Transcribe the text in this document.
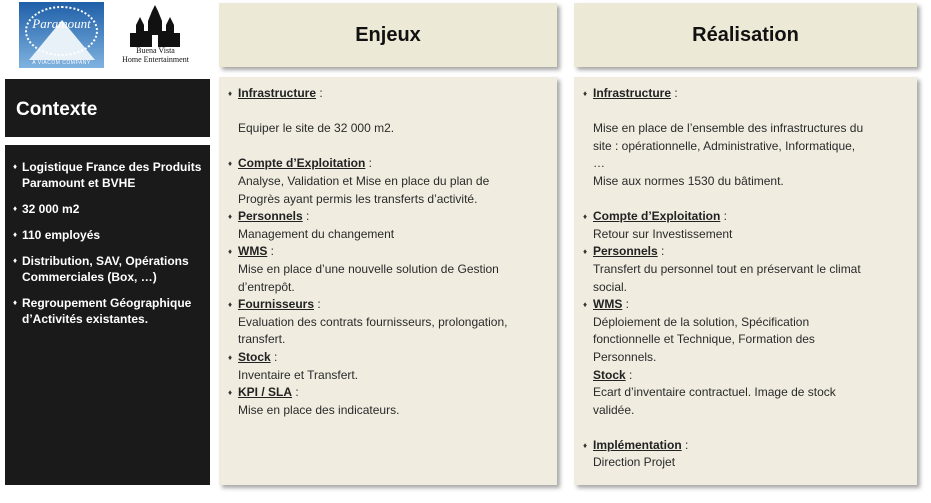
Paramount
A VIACOM COMPANY
Buena Vista
Home Entertainment
Enjeux	Réalisation
Contexte
♦ Logistique France des Produits Paramount et BVHE
♦ 32 000 m2
♦ 110 employés
♦ Distribution, SAV, Opérations Commerciales (Box, …)
♦ Regroupement Géographique d’Activités existantes.
♦ Infrastructure :
Equiper le site de 32 000 m2.
♦ Compte d’Exploitation :
Analyse, Validation et Mise en place du plan de
Progrès ayant permis les transferts d’activité.
♦ Personnels :
Management du changement
♦ WMS :
Mise en place d’une nouvelle solution de Gestion
d’entrepôt.
♦ Fournisseurs :
Evaluation des contrats fournisseurs, prolongation,
transfert.
♦ Stock :
Inventaire et Transfert.
♦ KPI / SLA :
Mise en place des indicateurs.
♦ Infrastructure :
Mise en place de l’ensemble des infrastructures du
site : opérationnelle, Administrative, Informatique,
…
Mise aux normes 1530 du bâtiment.
♦ Compte d’Exploitation :
Retour sur Investissement
♦ Personnels :
Transfert du personnel tout en préservant le climat
social.
♦ WMS :
Déploiement de la solution, Spécification
fonctionnelle et Technique, Formation des
Personnels.
Stock :
Ecart d’inventaire contractuel. Image de stock
validée.
♦ Implémentation :
Direction Projet
